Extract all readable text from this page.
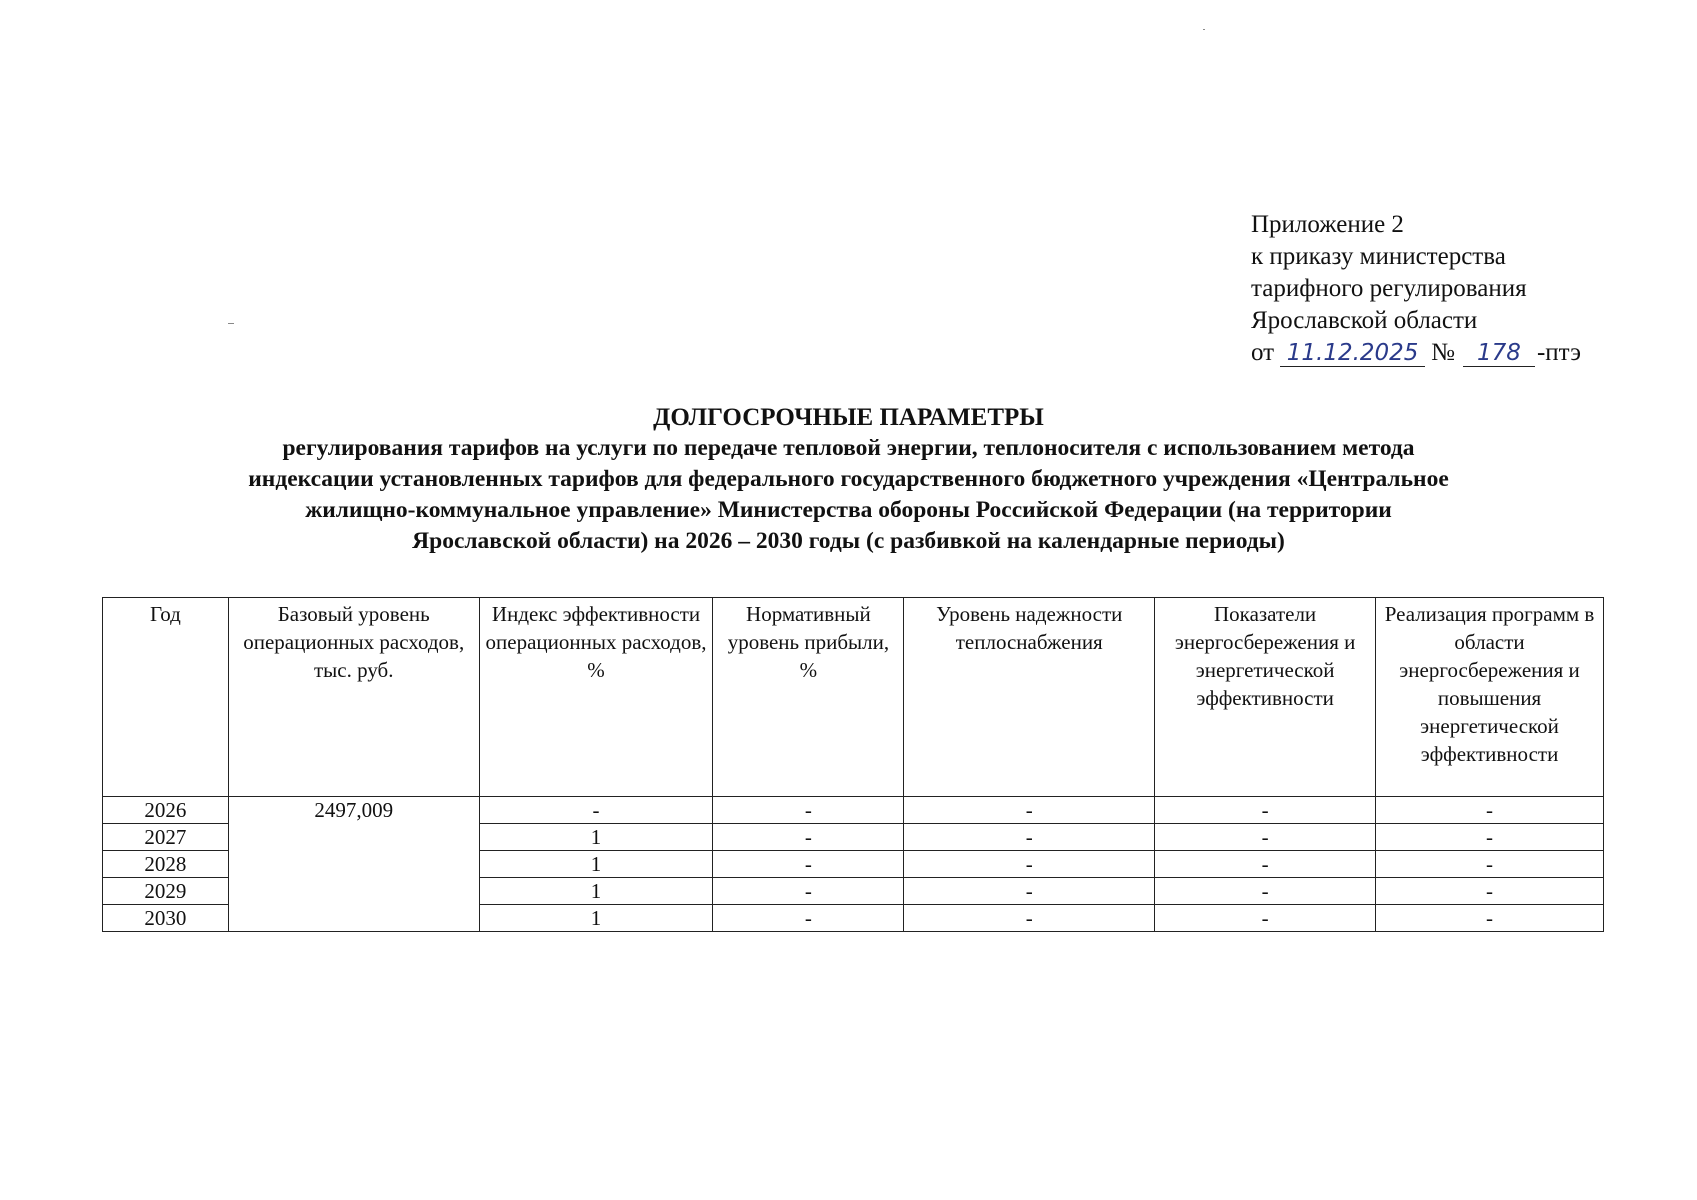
Приложение 2
к приказу министерства
тарифного регулирования
Ярославской области
от 11.12.2025 № 178 -птэ
ДОЛГОСРОЧНЫЕ ПАРАМЕТРЫ
регулирования тарифов на услуги по передаче тепловой энергии, теплоносителя с использованием метода
индексации установленных тарифов для федерального государственного бюджетного учреждения «Центральное
жилищно-коммунальное управление» Министерства обороны Российской Федерации (на территории
Ярославской области) на 2026 – 2030 годы (с разбивкой на календарные периоды)
Год	Базовый уровень операционных расходов, тыс. руб.	Индекс эффективности операционных расходов, %	Нормативный уровень прибыли, %	Уровень надежности теплоснабжения	Показатели энергосбережения и энергетической эффективности	Реализация программ в области энергосбережения и повышения энергетической эффективности
2026	2497,009	-	-	-	-	-
2027		1	-	-	-	-
2028		1	-	-	-	-
2029		1	-	-	-	-
2030		1	-	-	-	-
